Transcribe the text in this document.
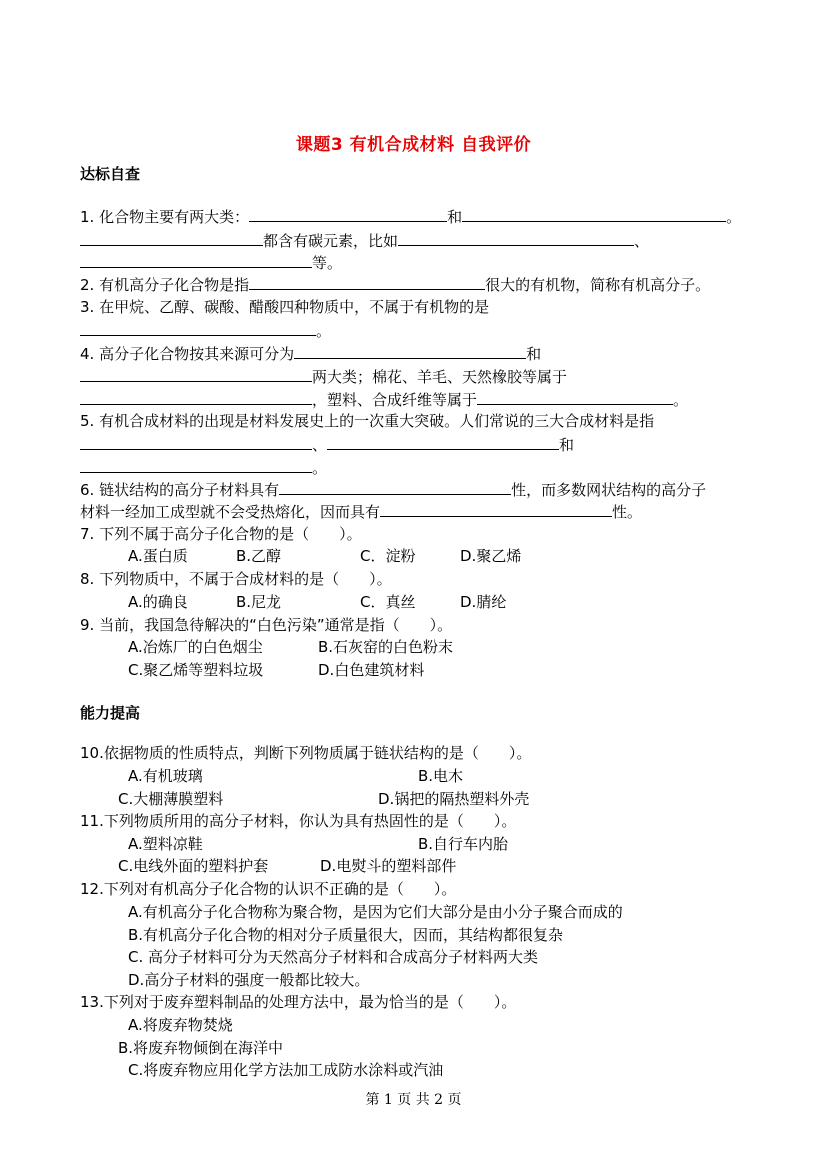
课题3 有机合成材料 自我评价
达标自查
1. 化合物主要有两大类：	和	。
都含有碳元素，比如	、
等。
2. 有机高分子化合物是指	很大的有机物，简称有机高分子。
3. 在甲烷、乙醇、碳酸、醋酸四种物质中，不属于有机物的是
。
4. 高分子化合物按其来源可分为	和
两大类；棉花、羊毛、天然橡胶等属于
，塑料、合成纤维等属于	。
5. 有机合成材料的出现是材料发展史上的一次重大突破。人们常说的三大合成材料是指
、	和
。
6. 链状结构的高分子材料具有	性，而多数网状结构的高分子
材料一经加工成型就不会受热熔化，因而具有	性。
7. 下列不属于高分子化合物的是（　　）。
A.蛋白质	B.乙醇	C．淀粉	D.聚乙烯
8. 下列物质中，不属于合成材料的是（　　）。
A.的确良	B.尼龙	C．真丝	D.腈纶
9. 当前，我国急待解决的“白色污染”通常是指（　　）。
A.冶炼厂的白色烟尘	B.石灰窑的白色粉末
C.聚乙烯等塑料垃圾	D.白色建筑材料
能力提高
10.依据物质的性质特点，判断下列物质属于链状结构的是（　　）。
A.有机玻璃	B.电木
C.大棚薄膜塑料	D.锅把的隔热塑料外壳
11.下列物质所用的高分子材料，你认为具有热固性的是（　　）。
A.塑料凉鞋	B.自行车内胎
C.电线外面的塑料护套	D.电熨斗的塑料部件
12.下列对有机高分子化合物的认识不正确的是（　　）。
A.有机高分子化合物称为聚合物，是因为它们大部分是由小分子聚合而成的
B.有机高分子化合物的相对分子质量很大，因而，其结构都很复杂
C. 高分子材料可分为天然高分子材料和合成高分子材料两大类
D.高分子材料的强度一般都比较大。
13.下列对于废弃塑料制品的处理方法中，最为恰当的是（　　）。
A.将废弃物焚烧
B.将废弃物倾倒在海洋中
C.将废弃物应用化学方法加工成防水涂料或汽油
第 1 页 共 2 页
